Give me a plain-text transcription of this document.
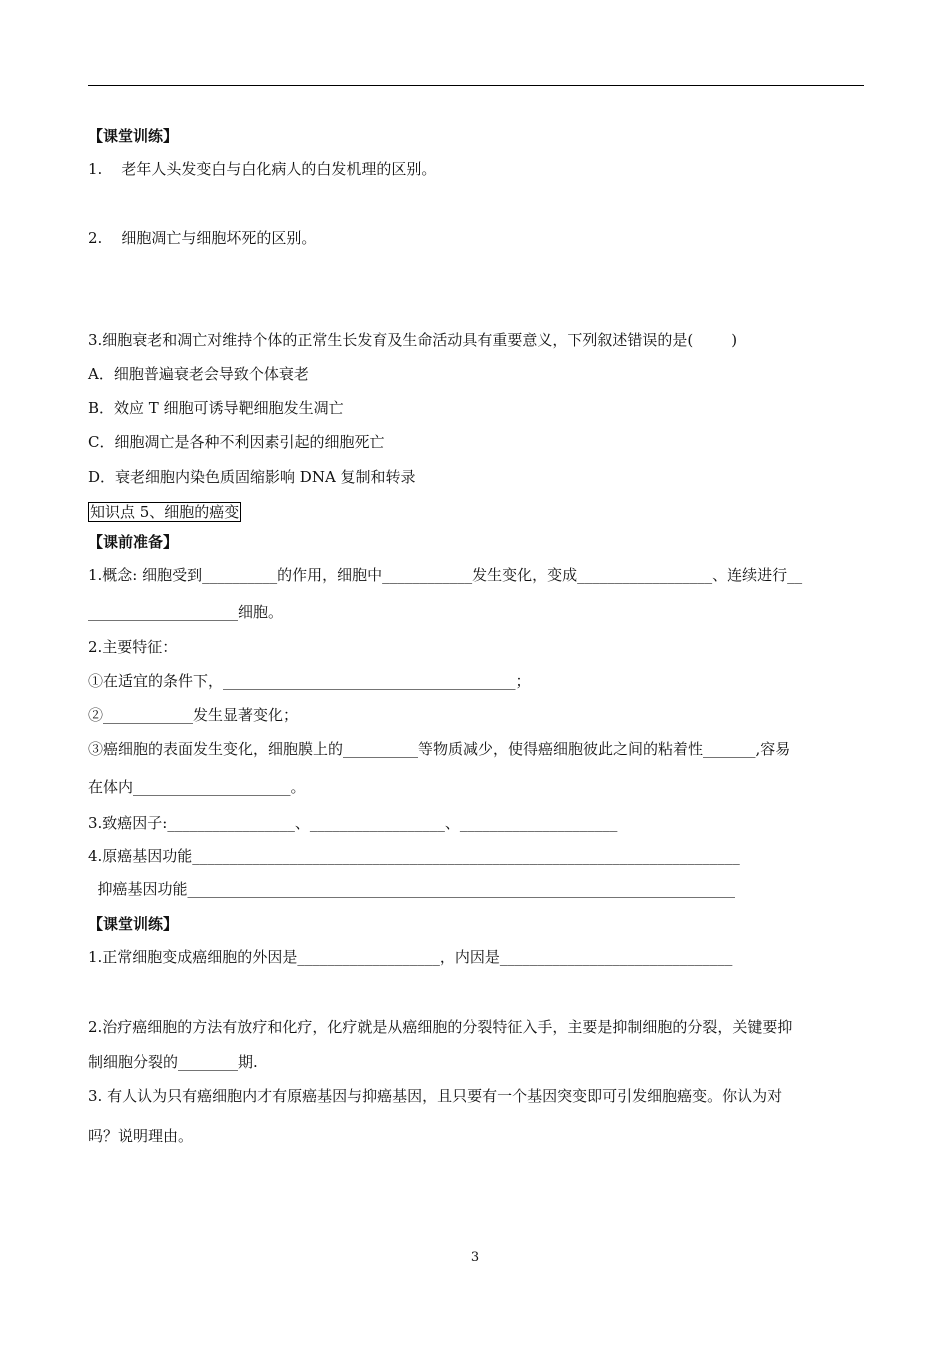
【课堂训练】
1.    老年人头发变白与白化病人的白发机理的区别。
2.    细胞凋亡与细胞坏死的区别。
3.细胞衰老和凋亡对维持个体的正常生长发育及生命活动具有重要意义，下列叙述错误的是(        )
A．细胞普遍衰老会导致个体衰老
B．效应 T 细胞可诱导靶细胞发生凋亡
C．细胞凋亡是各种不利因素引起的细胞死亡
D．衰老细胞内染色质固缩影响 DNA 复制和转录
知识点 5、细胞的癌变
【课前准备】
1.概念: 细胞受到__________的作用，细胞中____________发生变化，变成__________________、连续进行__
____________________细胞。
2.主要特征：
①在适宜的条件下，_______________________________________；
②____________发生显著变化；
③癌细胞的表面发生变化，细胞膜上的__________等物质减少，使得癌细胞彼此之间的粘着性_______,容易
在体内_____________________。
3.致癌因子:_________________、__________________、_____________________
4.原癌基因功能_________________________________________________________________________
抑癌基因功能_________________________________________________________________________
【课堂训练】
1.正常细胞变成癌细胞的外因是___________________，内因是_______________________________
2.治疗癌细胞的方法有放疗和化疗，化疗就是从癌细胞的分裂特征入手，主要是抑制细胞的分裂，关键要抑
制细胞分裂的________期.
3. 有人认为只有癌细胞内才有原癌基因与抑癌基因，且只要有一个基因突变即可引发细胞癌变。你认为对
吗？说明理由。
3
